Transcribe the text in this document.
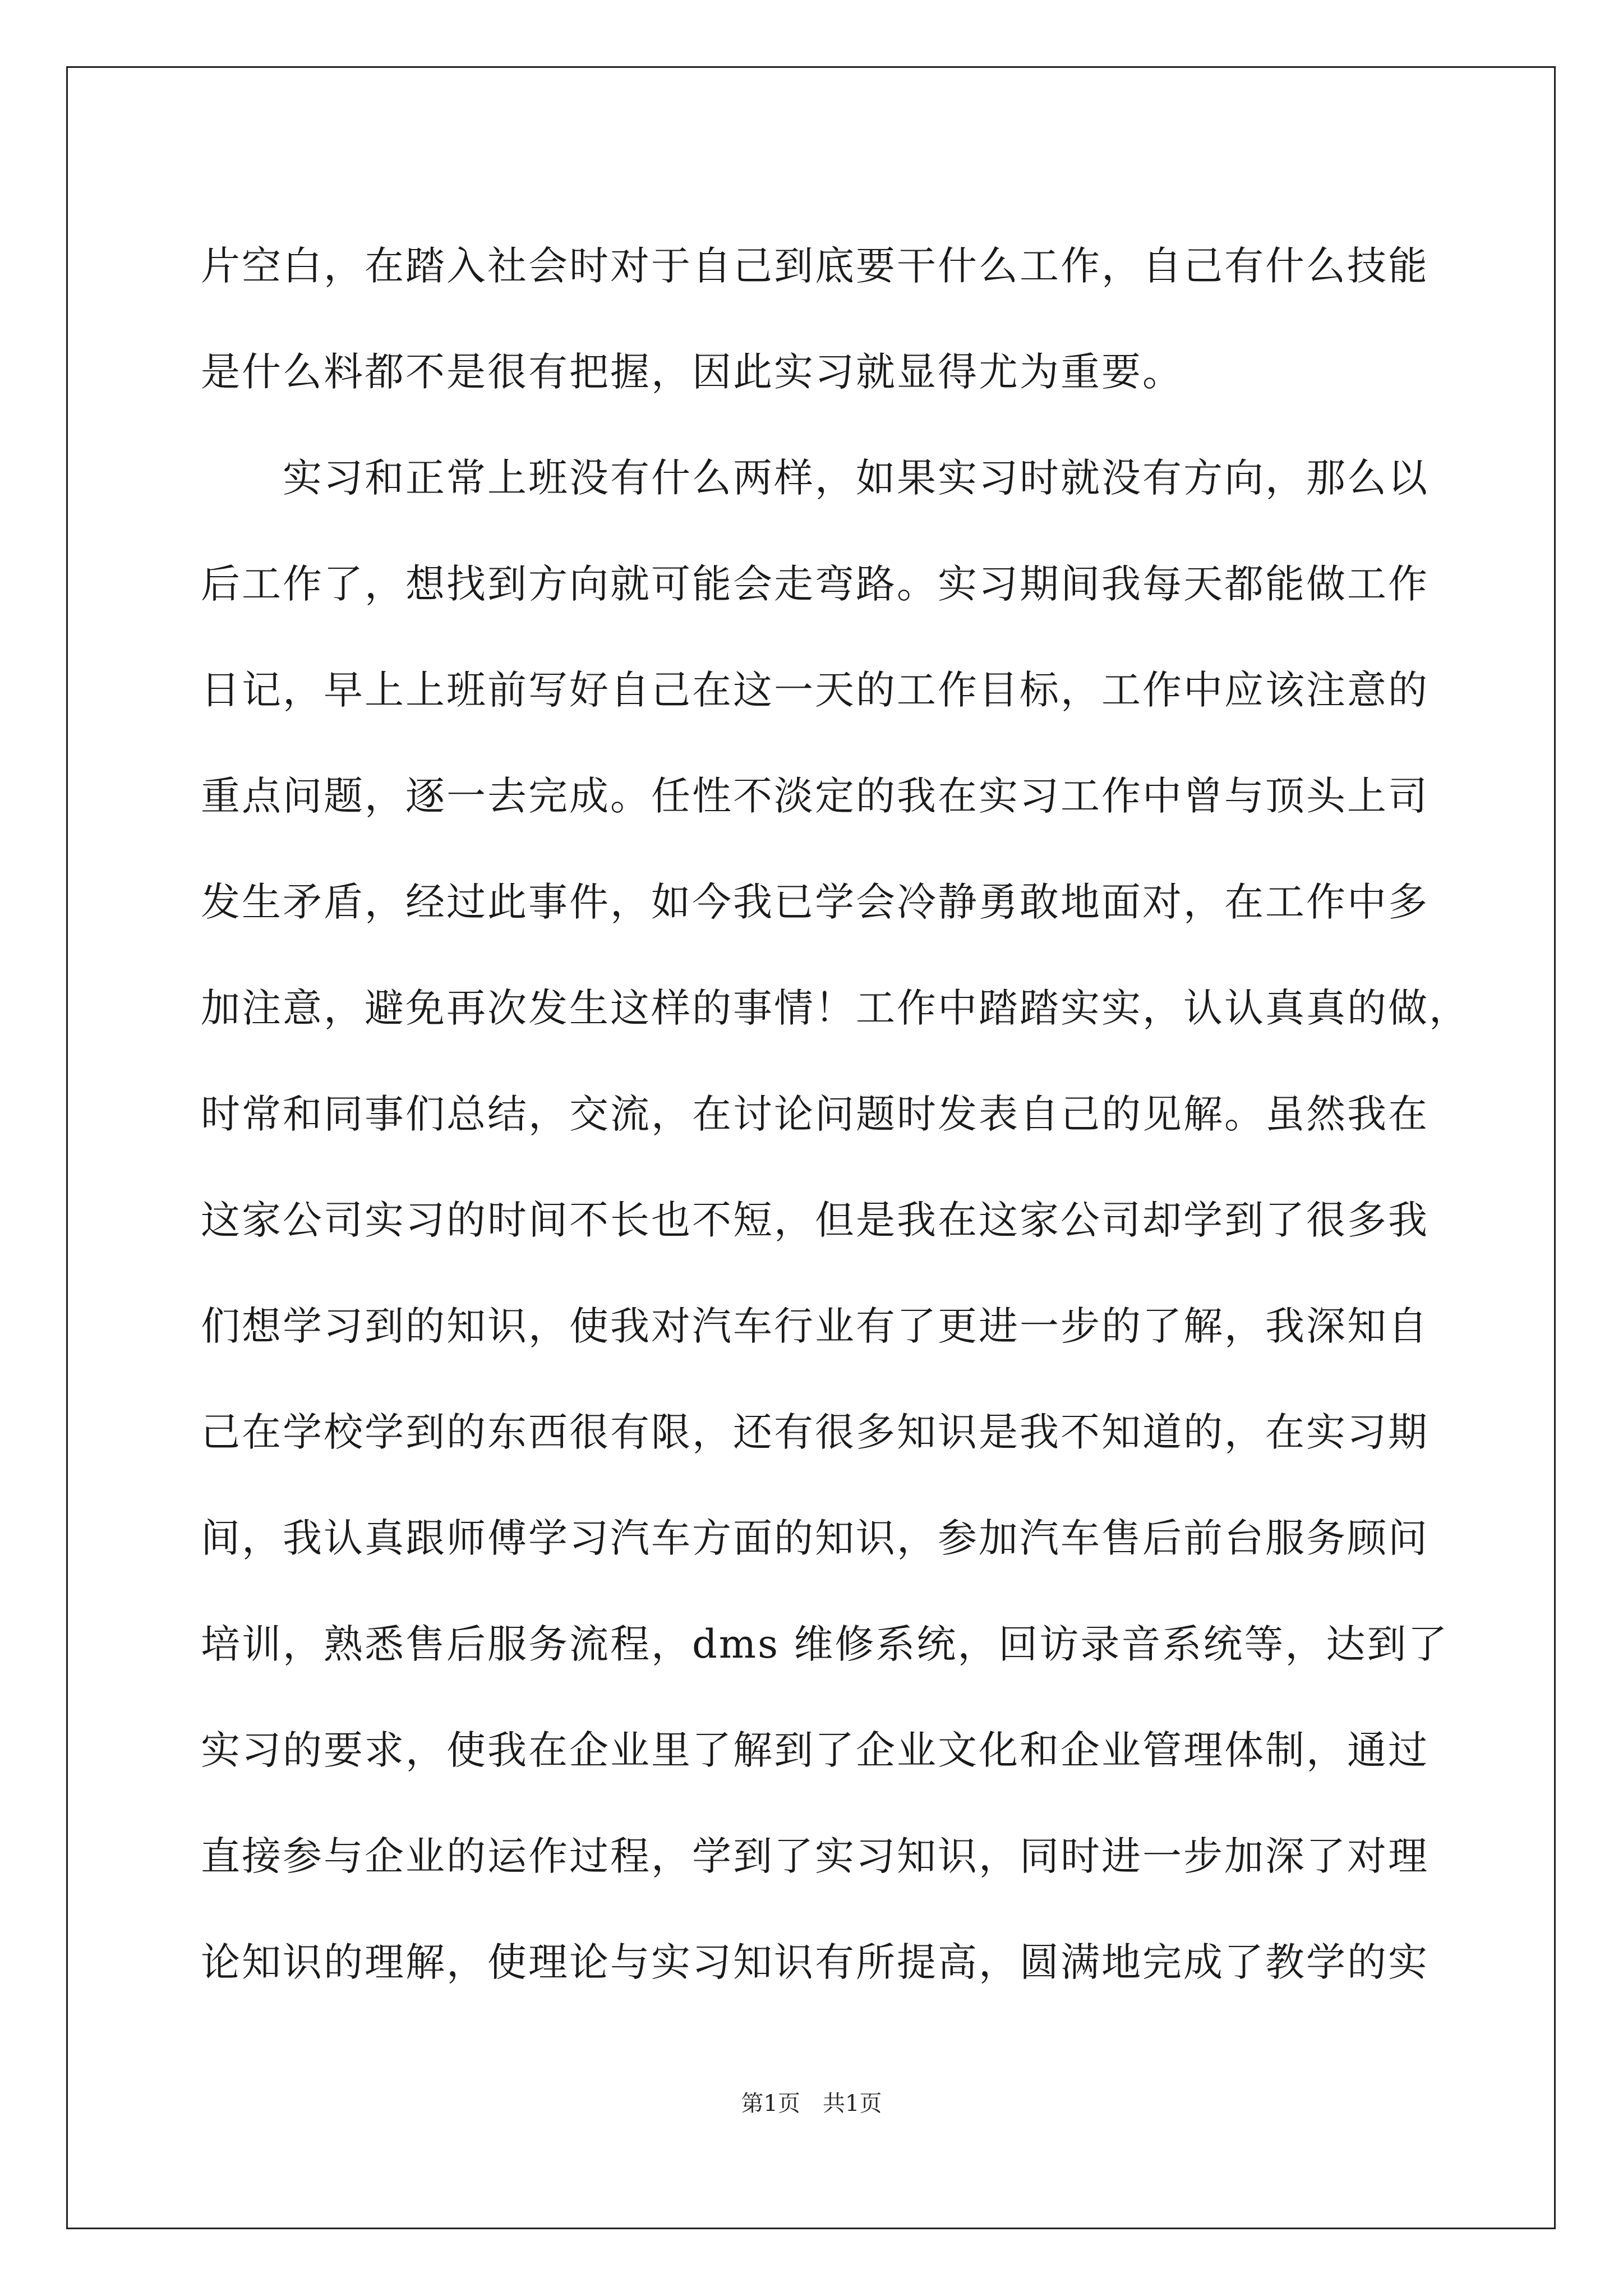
片空白，在踏入社会时对于自己到底要干什么工作，自己有什么技能
是什么料都不是很有把握，因此实习就显得尤为重要。
　　实习和正常上班没有什么两样，如果实习时就没有方向，那么以
后工作了，想找到方向就可能会走弯路。实习期间我每天都能做工作
日记，早上上班前写好自己在这一天的工作目标，工作中应该注意的
重点问题，逐一去完成。任性不淡定的我在实习工作中曾与顶头上司
发生矛盾，经过此事件，如今我已学会冷静勇敢地面对，在工作中多
加注意，避免再次发生这样的事情！工作中踏踏实实，认认真真的做，
时常和同事们总结，交流，在讨论问题时发表自己的见解。虽然我在
这家公司实习的时间不长也不短，但是我在这家公司却学到了很多我
们想学习到的知识，使我对汽车行业有了更进一步的了解，我深知自
己在学校学到的东西很有限，还有很多知识是我不知道的，在实习期
间，我认真跟师傅学习汽车方面的知识，参加汽车售后前台服务顾问
培训，熟悉售后服务流程，dms 维修系统，回访录音系统等，达到了
实习的要求，使我在企业里了解到了企业文化和企业管理体制，通过
直接参与企业的运作过程，学到了实习知识，同时进一步加深了对理
论知识的理解，使理论与实习知识有所提高，圆满地完成了教学的实
第1页　共1页
